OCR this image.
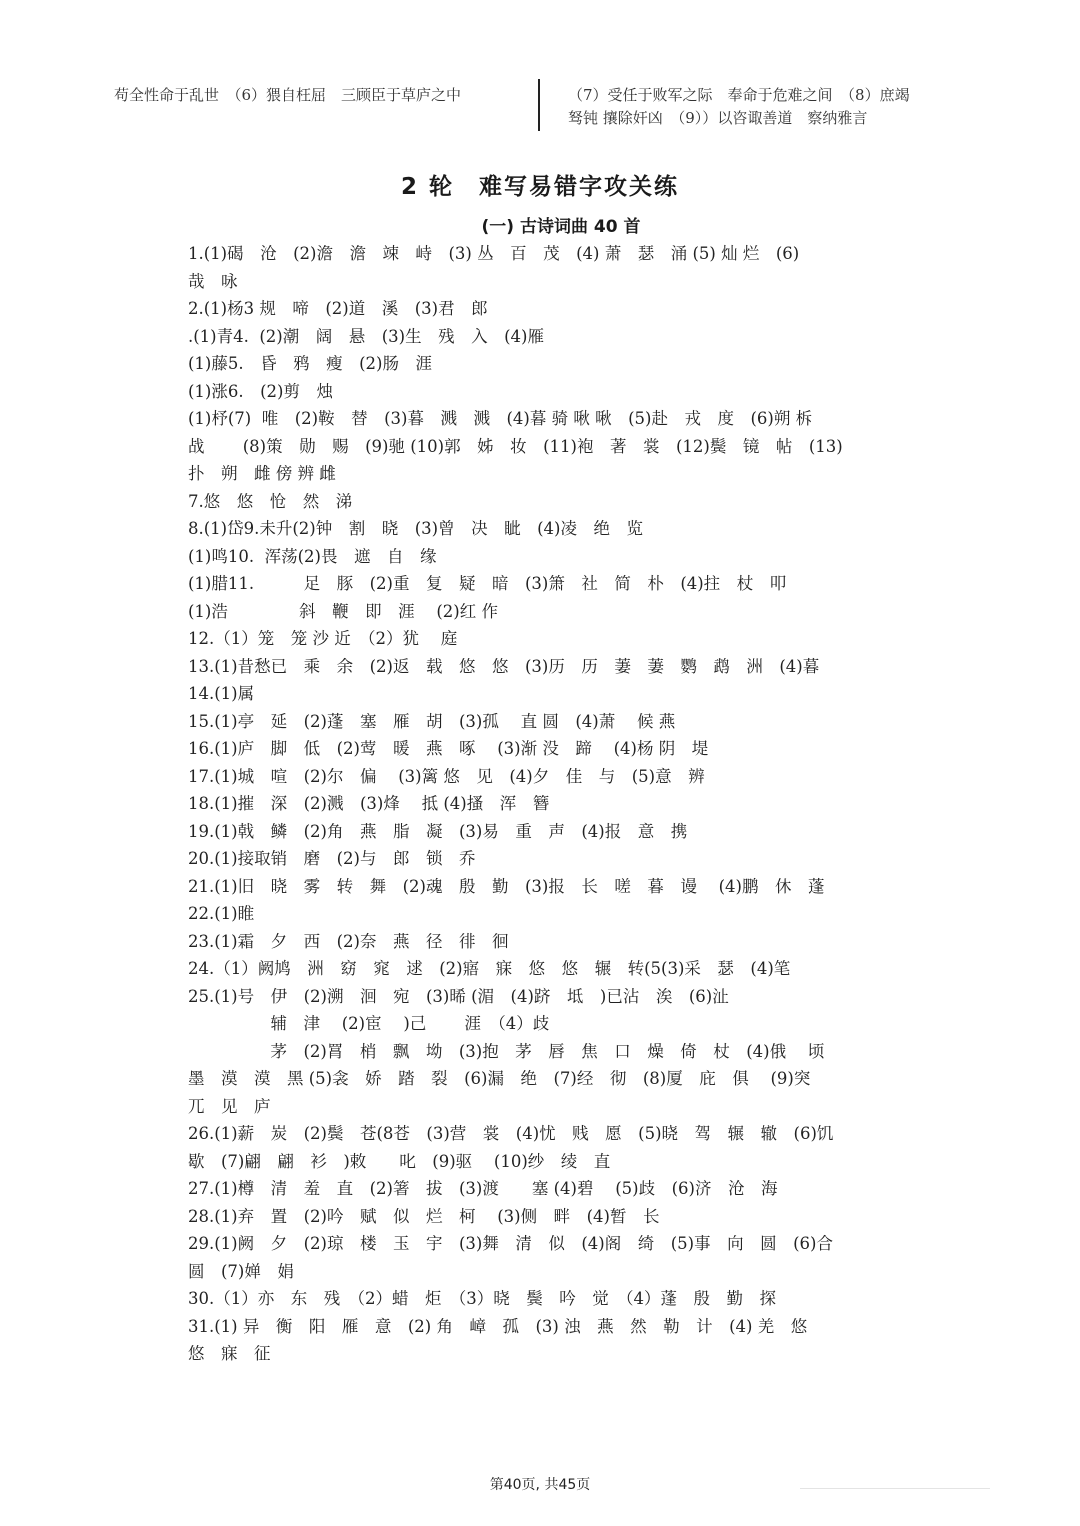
苟全性命于乱世　（6）猥自枉屈　三顾臣于草庐之中	（7）受任于败军之际　奉命于危难之间　（8）庶竭
驽钝 攘除奸凶　（9））以咨诹善道　察纳雅言
2 轮　难写易错字攻关练
(一) 古诗词曲 40 首
1.(1)碣　沧　(2)澹　澹　竦　峙　(3) 丛　百　茂　(4) 萧　瑟　涌 (5) 灿 烂　(6)
哉　咏
2.(1)杨3 规　啼　(2)道　溪　(3)君　郎
.(1)青4.  (2)潮　阔　悬　(3)生　残　入　(4)雁
(1)藤5.　昏　鸦　瘦　(2)肠　涯
(1)涨6.　(2)剪　烛
(1)杼(7)  唯　(2)鞍　替　(3)暮　溅　溅　(4)暮 骑 啾 啾　(5)赴　戎　度　(6)朔 柝
战　　 (8)策　勋　赐　(9)驰 (10)郭　姊　妆　(11)袍　著　裳　(12)鬓　镜　帖　(13)
扑　朔　雌 傍 辨 雌
7.悠　悠　怆　然　涕
8.(1)岱9.未升(2)钟　割　晓　(3)曾　决　眦　(4)凌　绝　览
(1)鸣10.  浑荡(2)畏　遮　自　缘
(1)腊11.　　　足　豚　(2)重　复　疑　暗　(3)箫　社　简　朴　(4)拄　杖　叩
(1)浩　　　　 斜　鞭　即　涯　 (2)红 作
12.（1）笼　笼 沙 近　（2）犹　 庭
13.(1)昔愁已　乘　余　(2)返　载　悠　悠　(3)历　历　萋　萋　鹦　鹉　洲　(4)暮
14.(1)属
15.(1)亭　延　(2)蓬　塞　雁　胡　(3)孤　 直 圆　(4)萧　 候 燕
16.(1)庐　脚　低　(2)莺　暖　燕　啄　 (3)渐 没　蹄　 (4)杨 阴　堤
17.(1)城　喧　(2)尔　偏　 (3)篱 悠　见　(4)夕　佳　与　(5)意　辨
18.(1)摧　深　(2)溅　(3)烽　 抵 (4)搔　浑　簪
19.(1)戟　鳞　(2)角　燕　脂　凝　(3)易　重　声　(4)报　意　携
20.(1)接取销　磨　(2)与　郎　锁　乔
21.(1)旧　晓　雾　转　舞　(2)魂　殷　勤　(3)报　长　嗟　暮　谩　 (4)鹏　休　蓬
22.(1)睢
23.(1)霜　夕　西　(2)奈　燕　径　徘　徊
24.（1）阙鸠　洲　窈　窕　逑　(2)寤　寐　悠　悠　辗　转(5(3)采　瑟　(4)笔
25.(1)号　伊　(2)溯　洄　宛　(3)晞 (湄　(4)跻　坻　)已沾　涘　(6)沚
　　　　　辅　津　 (2)宦　 )己　　 涯　（4）歧
　　　　　茅　(2)罥　梢　飘　坳　(3)抱　茅　唇　焦　口　燥　倚　杖　(4)俄　 顷
墨　漠　漠　黑 (5)衾　娇　踏　裂　(6)漏　绝　(7)经　彻　(8)厦　庇　俱　 (9)突
兀　见　庐
26.(1)薪　炭　(2)鬓　苍(8苍　(3)营　裳　(4)忧　贱　愿　(5)晓　驾　辗　辙　(6)饥
歇　(7)翩　翩　衫　)敕　　叱　(9)驱　 (10)纱　绫　直
27.(1)樽　清　羞　直　(2)箸　拔　(3)渡　　塞 (4)碧　 (5)歧　(6)济　沧　海
28.(1)弃　置　(2)吟　赋　似　烂　柯　 (3)侧　畔　(4)暂　长
29.(1)阙　夕　(2)琼　楼　玉　宇　(3)舞　清　似　(4)阁　绮　(5)事　向　圆　(6)合
圆　(7)婵　娟
30.（1）亦　东　残　（2）蜡　炬　（3）晓　鬓　吟　觉　（4）蓬　殷　勤　探
31.(1) 异　衡　阳　雁　意　(2) 角　嶂　孤　(3) 浊　燕　然　勒　计　(4) 羌　悠
悠　寐　征
第40页, 共45页
